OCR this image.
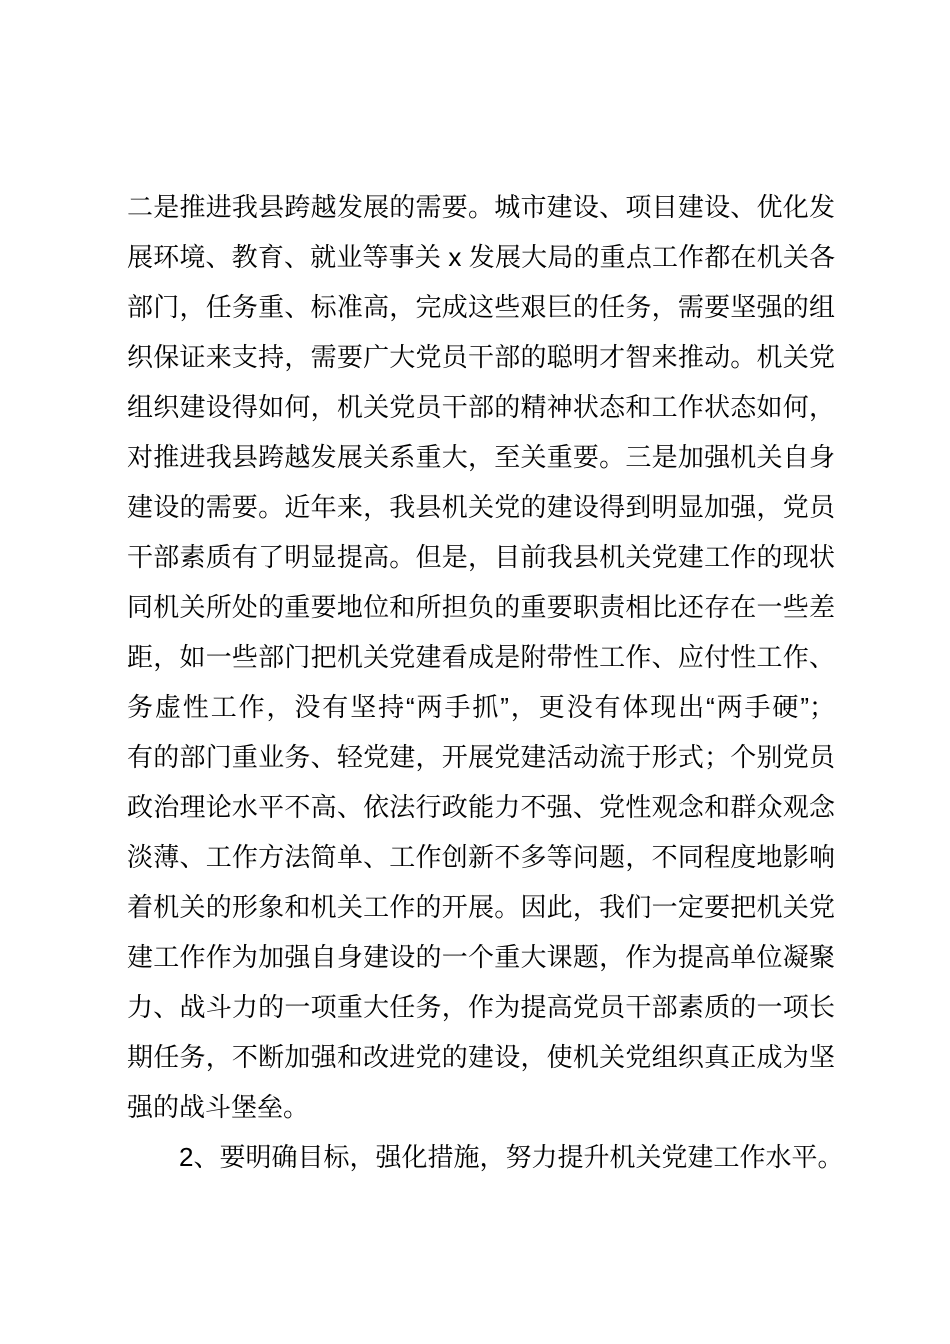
二是推进我县跨越发展的需要。城市建设、项目建设、优化发
展环境、教育、就业等事关 x 发展大局的重点工作都在机关各
部门，任务重、标准高，完成这些艰巨的任务，需要坚强的组
织保证来支持，需要广大党员干部的聪明才智来推动。机关党
组织建设得如何，机关党员干部的精神状态和工作状态如何，
对推进我县跨越发展关系重大，至关重要。三是加强机关自身
建设的需要。近年来，我县机关党的建设得到明显加强，党员
干部素质有了明显提高。但是，目前我县机关党建工作的现状
同机关所处的重要地位和所担负的重要职责相比还存在一些差
距，如一些部门把机关党建看成是附带性工作、应付性工作、
务虚性工作，没有坚持“两手抓”，更没有体现出“两手硬”；
有的部门重业务、轻党建，开展党建活动流于形式；个别党员
政治理论水平不高、依法行政能力不强、党性观念和群众观念
淡薄、工作方法简单、工作创新不多等问题，不同程度地影响
着机关的形象和机关工作的开展。因此，我们一定要把机关党
建工作作为加强自身建设的一个重大课题，作为提高单位凝聚
力、战斗力的一项重大任务，作为提高党员干部素质的一项长
期任务，不断加强和改进党的建设，使机关党组织真正成为坚
强的战斗堡垒。
2、要明确目标，强化措施，努力提升机关党建工作水平。
